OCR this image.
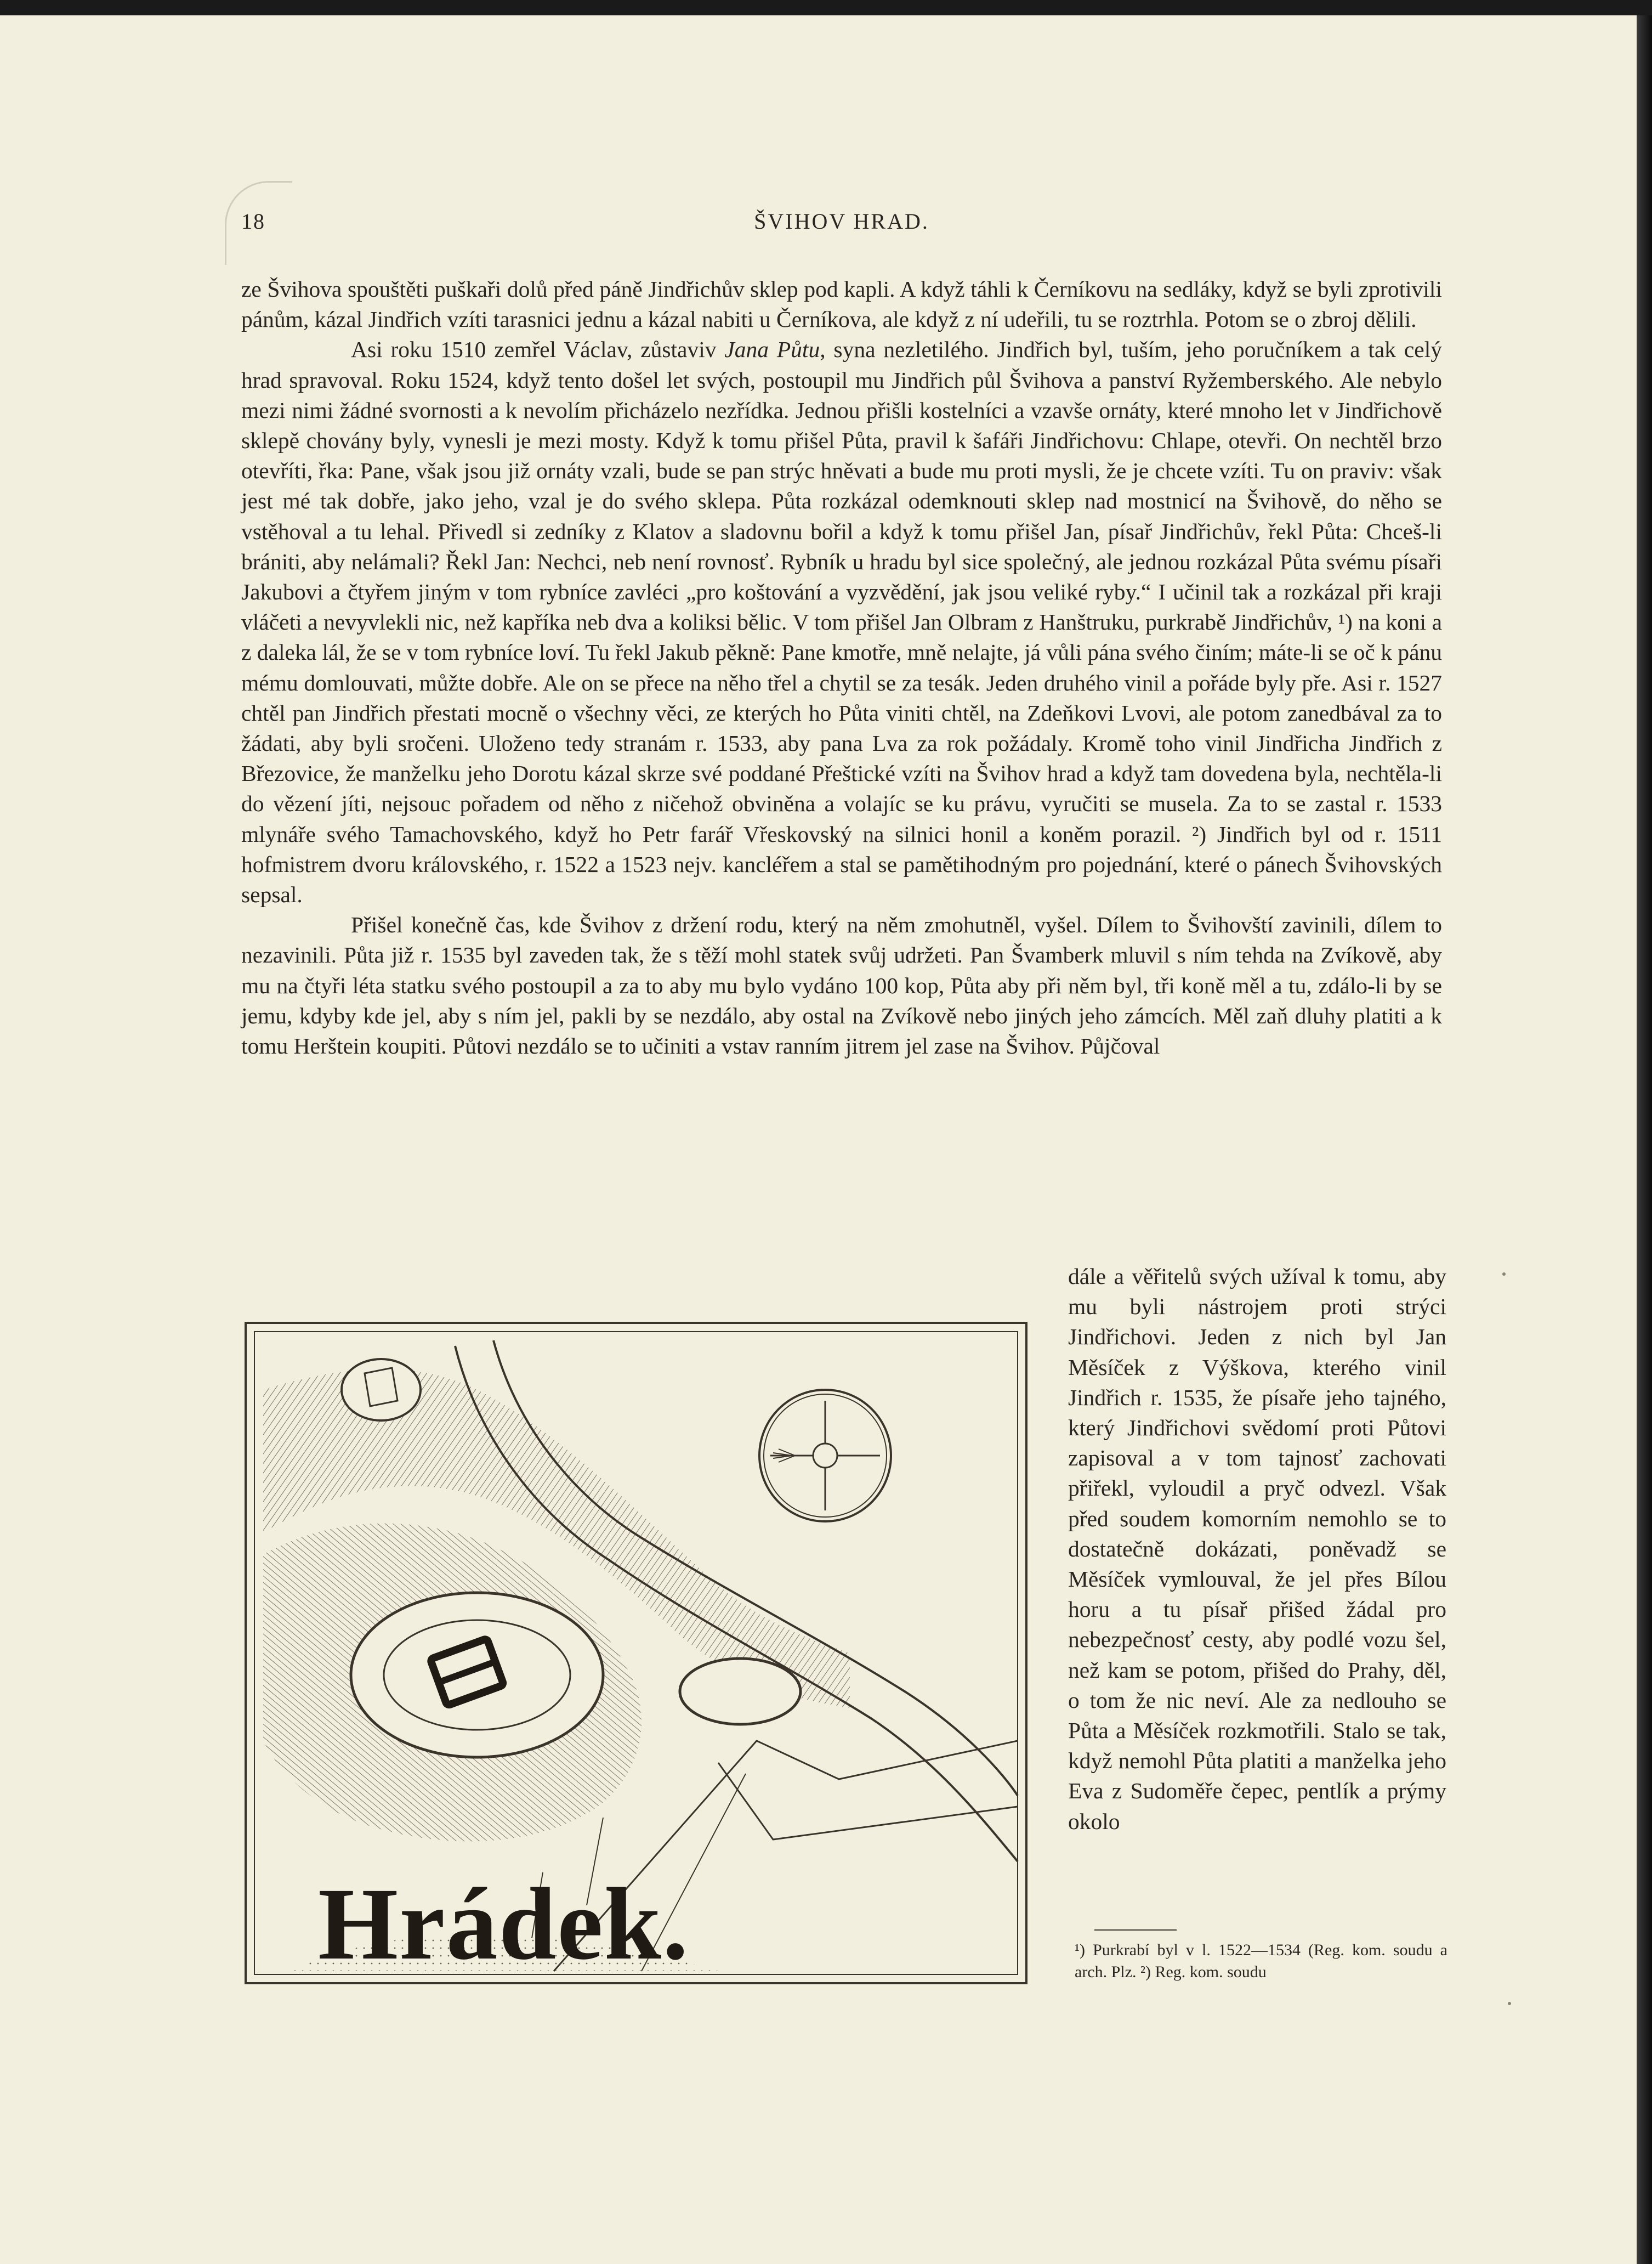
18	ŠVIHOV HRAD.

ze Švihova spouštěti puškaři dolů před páně Jindřichův sklep pod kapli. A když táhli k Černíkovu na sedláky, když se byli zprotivili pánům, kázal Jindřich vzíti tarasnici jednu a kázal nabiti u Černíkova, ale když z ní udeřili, tu se roztrhla. Potom se o zbroj dělili.

Asi roku 1510 zemřel Václav, zůstaviv Jana Půtu, syna nezletilého. Jindřich byl, tuším, jeho poručníkem a tak celý hrad spravoval. Roku 1524, když tento došel let svých, postoupil mu Jindřich půl Švihova a panství Ryžemberského. Ale nebylo mezi nimi žádné svornosti a k nevolím přicházelo nezřídka. Jednou přišli kostelníci a vzavše ornáty, které mnoho let v Jindřichově sklepě chovány byly, vynesli je mezi mosty. Když k tomu přišel Půta, pravil k šafáři Jindřichovu: Chlape, otevři. On nechtěl brzo otevříti, řka: Pane, však jsou již ornáty vzali, bude se pan strýc hněvati a bude mu proti mysli, že je chcete vzíti. Tu on praviv: však jest mé tak dobře, jako jeho, vzal je do svého sklepa. Půta rozkázal odemknouti sklep nad mostnicí na Švihově, do něho se vstěhoval a tu lehal. Přivedl si zedníky z Klatov a sladovnu bořil a když k tomu přišel Jan, písař Jindřichův, řekl Půta: Chceš-li brániti, aby nelámali? Řekl Jan: Nechci, neb není rovnosť. Rybník u hradu byl sice společný, ale jednou rozkázal Půta svému písaři Jakubovi a čtyřem jiným v tom rybníce zavléci „pro koštování a vyzvědění, jak jsou veliké ryby.“ I učinil tak a rozkázal při kraji vláčeti a nevyvlekli nic, než kapříka neb dva a koliksi bělic. V tom přišel Jan Olbram z Hanštruku, purkrabě Jindřichův, ¹) na koni a z daleka lál, že se v tom rybníce loví. Tu řekl Jakub pěkně: Pane kmotře, mně nelajte, já vůli pána svého činím; máte-li se oč k pánu mému domlouvati, můžte dobře. Ale on se přece na něho třel a chytil se za tesák. Jeden druhého vinil a pořáde byly pře. Asi r. 1527 chtěl pan Jindřich přestati mocně o všechny věci, ze kterých ho Půta viniti chtěl, na Zdeňkovi Lvovi, ale potom zanedbával za to žádati, aby byli sročeni. Uloženo tedy stranám r. 1533, aby pana Lva za rok požádaly. Kromě toho vinil Jindřicha Jindřich z Březovice, že manželku jeho Dorotu kázal skrze své poddané Přeštické vzíti na Švihov hrad a když tam dovedena byla, nechtěla-li do vězení jíti, nejsouc pořadem od něho z ničehož obviněna a volajíc se ku právu, vyručiti se musela. Za to se zastal r. 1533 mlynáře svého Tamachovského, když ho Petr farář Vřeskovský na silnici honil a koněm porazil. ²) Jindřich byl od r. 1511 hofmistrem dvoru královského, r. 1522 a 1523 nejv. kancléřem a stal se pamětihodným pro pojednání, které o pánech Švihovských sepsal.

Přišel konečně čas, kde Švihov z držení rodu, který na něm zmohutněl, vyšel. Dílem to Švihovští zavinili, dílem to nezavinili. Půta již r. 1535 byl zaveden tak, že s těží mohl statek svůj udržeti. Pan Švamberk mluvil s ním tehda na Zvíkově, aby mu na čtyři léta statku svého postoupil a za to aby mu bylo vydáno 100 kop, Půta aby při něm byl, tři koně měl a tu, zdálo-li by se jemu, kdyby kde jel, aby s ním jel, pakli by se nezdálo, aby ostal na Zvíkově nebo jiných jeho zámcích. Měl zaň dluhy platiti a k tomu Herštein koupiti. Půtovi nezdálo se to učiniti a vstav ranním jitrem jel zase na Švihov. Půjčoval

Hrádek.

dále a věřitelů svých užíval k tomu, aby mu byli nástrojem proti strýci Jindřichovi. Jeden z nich byl Jan Měsíček z Výškova, kterého vinil Jindřich r. 1535, že písaře jeho tajného, který Jindřichovi svědomí proti Půtovi zapisoval a v tom tajnosť zachovati přiřekl, vyloudil a pryč odvezl. Však před soudem komorním nemohlo se to dostatečně dokázati, poněvadž se Měsíček vymlouval, že jel přes Bílou horu a tu písař přišed žádal pro nebezpečnosť cesty, aby podlé vozu šel, než kam se potom, přišed do Prahy, děl, o tom že nic neví. Ale za nedlouho se Půta a Měsíček rozkmotřili. Stalo se tak, když nemohl Půta platiti a manželka jeho Eva z Sudoměře čepec, pentlík a prýmy okolo

¹) Purkrabí byl v l. 1522—1534 (Reg. kom. soudu a arch. Plz. ²) Reg. kom. soudu
